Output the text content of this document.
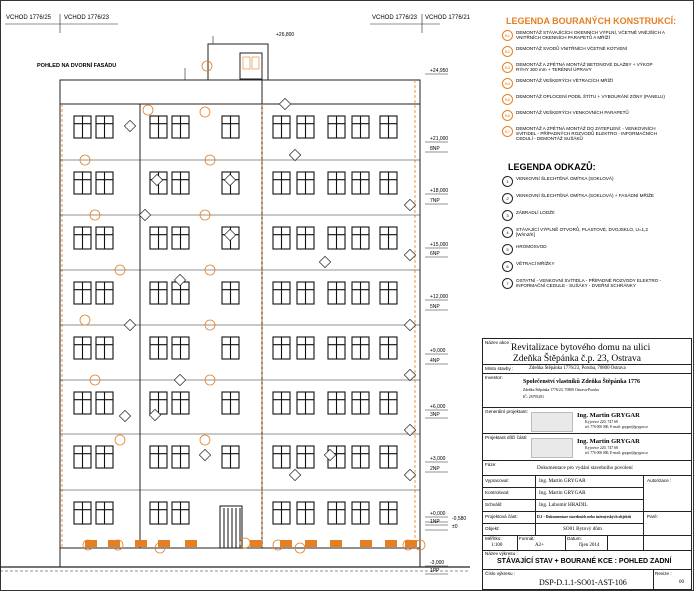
VCHOD 1776/25 VCHOD 1776/23	VCHOD 1776/23 VCHOD 1776/21
POHLED NA DVORNÍ FASÁDU
+26,800
+24,950
+21,000
8NP
+18,000
7NP
+15,000
6NP
+12,000
5NP
+9,000
4NP
+6,000
3NP
+3,000
2NP
+0,000
1NP -0,580
±0
-3,000
1PP
LEGENDA BOURANÝCH KONSTRUKCÍ:
B1
DEMONTÁŽ STÁVAJÍCÍCH OKENNÍCH VÝPLNÍ, VČETNĚ VNĚJŠÍCH A VNITŘNÍCH OKENNÍCH PARAPETŮ A MŘÍŽÍ
B2
DEMONTÁŽ SVODŮ VNITŘNÍCH VČETNĚ KOTVENÍ
B3
DEMONTÁŽ A ZPĚTNÁ MONTÁŽ BETONOVÉ DLAŽBY + VÝKOP RÝHY 300 mm + TERÉNNÍ ÚPRAVY
B4
DEMONTÁŽ VEŠKERÝCH VĚTRACÍCH MŘÍŽÍ
B5
DEMONTÁŽ OPLOCENÍ PODÍL ŠTÍTU + VYBOURÁNÍ ZÓNY (PANELU)
B6
DEMONTÁŽ VEŠKERÝCH VENKOVNÍCH PARAPETŮ
B7
DEMONTÁŽ A ZPĚTNÁ MONTÁŽ DO ZATEPLENÍ: - VENKOVNÍCH SVÍTIDEL - PŘÍPADNÝCH ROZVODŮ ELEKTRO - INFORMAČNÍCH CEDULÍ - DEMONTÁŽ SUŠÁKŮ
LEGENDA ODKAZŮ:
1
VENKOVNÍ ŠLECHTĚNÁ OMÍTKA (SOKLOVÁ)
2
VENKOVNÍ ŠLECHTĚNÁ OMÍTKA (SOKLOVÁ) + FASÁDNÍ MŘÍŽE
3
ZÁBRADLÍ LODŽIÍ
4
STÁVAJÍCÍ VÝPLNĚ OTVORŮ, PLASTOVÉ, DVOJSKLO, U=1,2 [W/m2/K]
5
HROMOSVOD
6
VĚTRACÍ MŘÍŽKY
7
OSTATNÍ - VENKOVNÍ SVÍTIDLA - PŘÍPADNÉ ROZVODY ELEKTRO - INFORMAČNÍ CEDULE - SUŠÁKY - DVEŘNÍ SCHRÁNKY
Název akce :
Revitalizace bytového domu na ulici
Zdeňka Štěpánka č.p. 23, Ostrava
Místo stavby :	Zdeňka Štěpánka 1776/23, Poruba, 70800 Ostrava
Investor:
Společenství vlastníků Zdeňka Štěpánka 1776
Zdeňka Štěpánka 1776/23, 70800 Ostrava-Poruba
IČ: 26795281
Generální projektant:
Ing. Martin GRYGAR
Kyjovice 220, 747 68
tel. 776 000 000, E-mail: grygar@grygar.cz
Projektant dílčí části:
Ing. Martin GRYGAR
Kyjovice 220, 747 68
tel. 776 000 000, E-mail: grygar@grygar.cz
Fáze:
Dokumentace pro vydání stavebního povolení
Vypracoval:	Ing. Martin GRYGAR	Autorizace :
Kontroloval:	Ing. Martin GRYGAR
Schválil:	Ing. Lubomír HRADIL
Projektová část:	D.1 - Dokumentace stavebních nebo inženýrských objektů	Paré:
Objekt:	SO01 Bytový dům
Měřítko:
1:100
Formát:
A2+
Datum:
říjen 2014
Název výkresu :
STÁVAJÍCÍ STAV + BOURANÉ KCE : POHLED ZADNÍ
Číslo výkresu :
DSP-D.1.1-SO01-AST-106
Revize :
00
